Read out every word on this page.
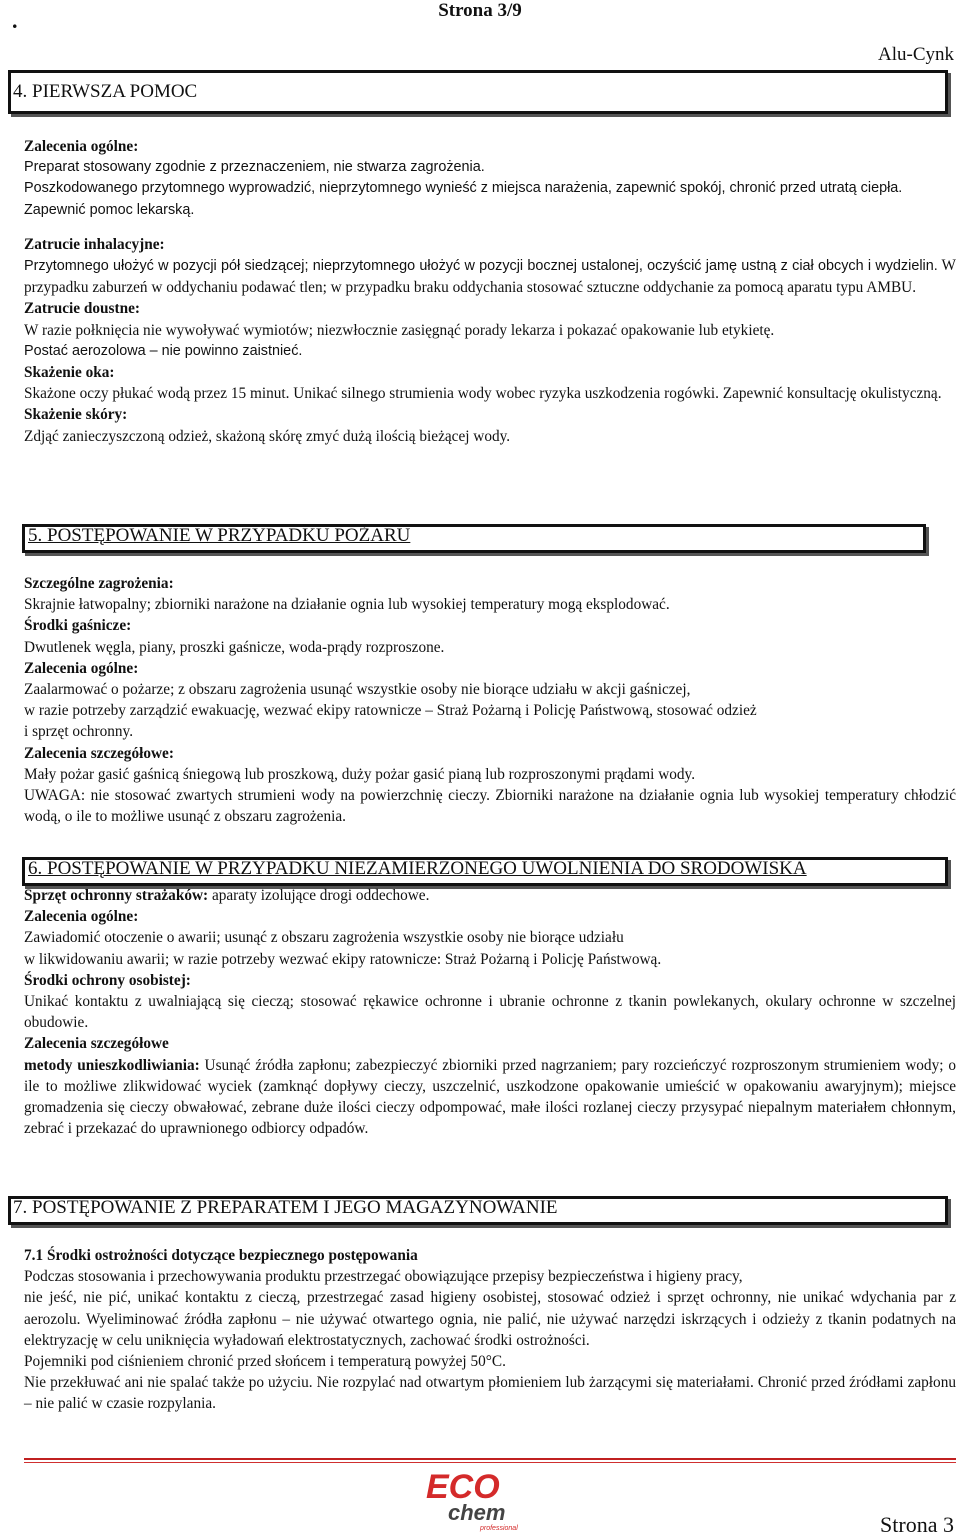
.	Strona 3/9
Alu-Cynk
4. PIERWSZA POMOC

Zalecenia ogólne:

Preparat stosowany zgodnie z przeznaczeniem, nie stwarza zagrożenia.

Poszkodowanego przytomnego wyprowadzić, nieprzytomnego wynieść z miejsca narażenia, zapewnić spokój, chronić przed utratą ciepła. Zapewnić pomoc lekarską.

Zatrucie inhalacyjne:

Przytomnego ułożyć w pozycji pół siedzącej; nieprzytomnego ułożyć w pozycji bocznej ustalonej, oczyścić jamę ustną z ciał obcych i wydzielin. W przypadku zaburzeń w oddychaniu podawać tlen; w przypadku braku oddychania stosować sztuczne oddychanie za pomocą aparatu typu AMBU.

Zatrucie doustne:

W razie połknięcia nie wywoływać wymiotów; niezwłocznie zasięgnąć porady lekarza i pokazać opakowanie lub etykietę.

Postać aerozolowa – nie powinno zaistnieć.

Skażenie oka:

Skażone oczy płukać wodą przez 15 minut. Unikać silnego strumienia wody wobec ryzyka uszkodzenia rogówki. Zapewnić konsultację okulistyczną.

Skażenie skóry:

Zdjąć zanieczyszczoną odzież, skażoną skórę zmyć dużą ilością bieżącej wody.

5. POSTĘPOWANIE W PRZYPADKU POŻARU

Szczególne zagrożenia:

Skrajnie łatwopalny; zbiorniki narażone na działanie ognia lub wysokiej temperatury mogą eksplodować.

Środki gaśnicze:

Dwutlenek węgla, piany, proszki gaśnicze, woda-prądy rozproszone.

Zalecenia ogólne:

Zaalarmować o pożarze; z obszaru zagrożenia usunąć wszystkie osoby nie biorące udziału w akcji gaśniczej,

w razie potrzeby zarządzić ewakuację, wezwać ekipy ratownicze – Straż Pożarną i Policję Państwową, stosować odzież

i sprzęt ochronny.

Zalecenia szczegółowe:

Mały pożar gasić gaśnicą śniegową lub proszkową, duży pożar gasić pianą lub rozproszonymi prądami wody.

UWAGA: nie stosować zwartych strumieni wody na powierzchnię cieczy. Zbiorniki narażone na działanie ognia lub wysokiej temperatury chłodzić wodą, o ile to możliwe usunąć z obszaru zagrożenia.

6. POSTĘPOWANIE W PRZYPADKU NIEZAMIERZONEGO UWOLNIENIA DO ŚRODOWISKA

Sprzęt ochronny strażaków: aparaty izolujące drogi oddechowe.

Zalecenia ogólne:

Zawiadomić otoczenie o awarii; usunąć z obszaru zagrożenia wszystkie osoby nie biorące udziału

w likwidowaniu awarii; w razie potrzeby wezwać ekipy ratownicze: Straż Pożarną i Policję Państwową.

Środki ochrony osobistej:

Unikać kontaktu z uwalniającą się cieczą; stosować rękawice ochronne i ubranie ochronne z tkanin powlekanych, okulary ochronne w szczelnej obudowie.

Zalecenia szczegółowe

metody unieszkodliwiania: Usunąć źródła zapłonu; zabezpieczyć zbiorniki przed nagrzaniem; pary rozcieńczyć rozproszonym strumieniem wody; o ile to możliwe zlikwidować wyciek (zamknąć dopływy cieczy, uszczelnić, uszkodzone opakowanie umieścić w opakowaniu awaryjnym); miejsce gromadzenia się cieczy obwałować, zebrane duże ilości cieczy odpompować, małe ilości rozlanej cieczy przysypać niepalnym materiałem chłonnym, zebrać i przekazać do uprawnionego odbiorcy odpadów.

7. POSTĘPOWANIE Z PREPARATEM I JEGO MAGAZYNOWANIE

7.1 Środki ostrożności dotyczące bezpiecznego postępowania

Podczas stosowania i przechowywania produktu przestrzegać obowiązujące przepisy bezpieczeństwa i higieny pracy,

nie jeść, nie pić, unikać kontaktu z cieczą, przestrzegać zasad higieny osobistej, stosować odzież i sprzęt ochronny, nie unikać wdychania par z aerozolu. Wyeliminować źródła zapłonu – nie używać otwartego ognia, nie palić, nie używać narzędzi iskrzących i odzieży z tkanin podatnych na elektryzację w celu uniknięcia wyładowań elektrostatycznych, zachować środki ostrożności.

Pojemniki pod ciśnieniem chronić przed słońcem i temperaturą powyżej 50°C.

Nie przekłuwać ani nie spalać także po użyciu. Nie rozpylać nad otwartym płomieniem lub żarzącymi się materiałami. Chronić przed źródłami zapłonu – nie palić w czasie rozpylania.

ECO
chem
professional	Strona 3
